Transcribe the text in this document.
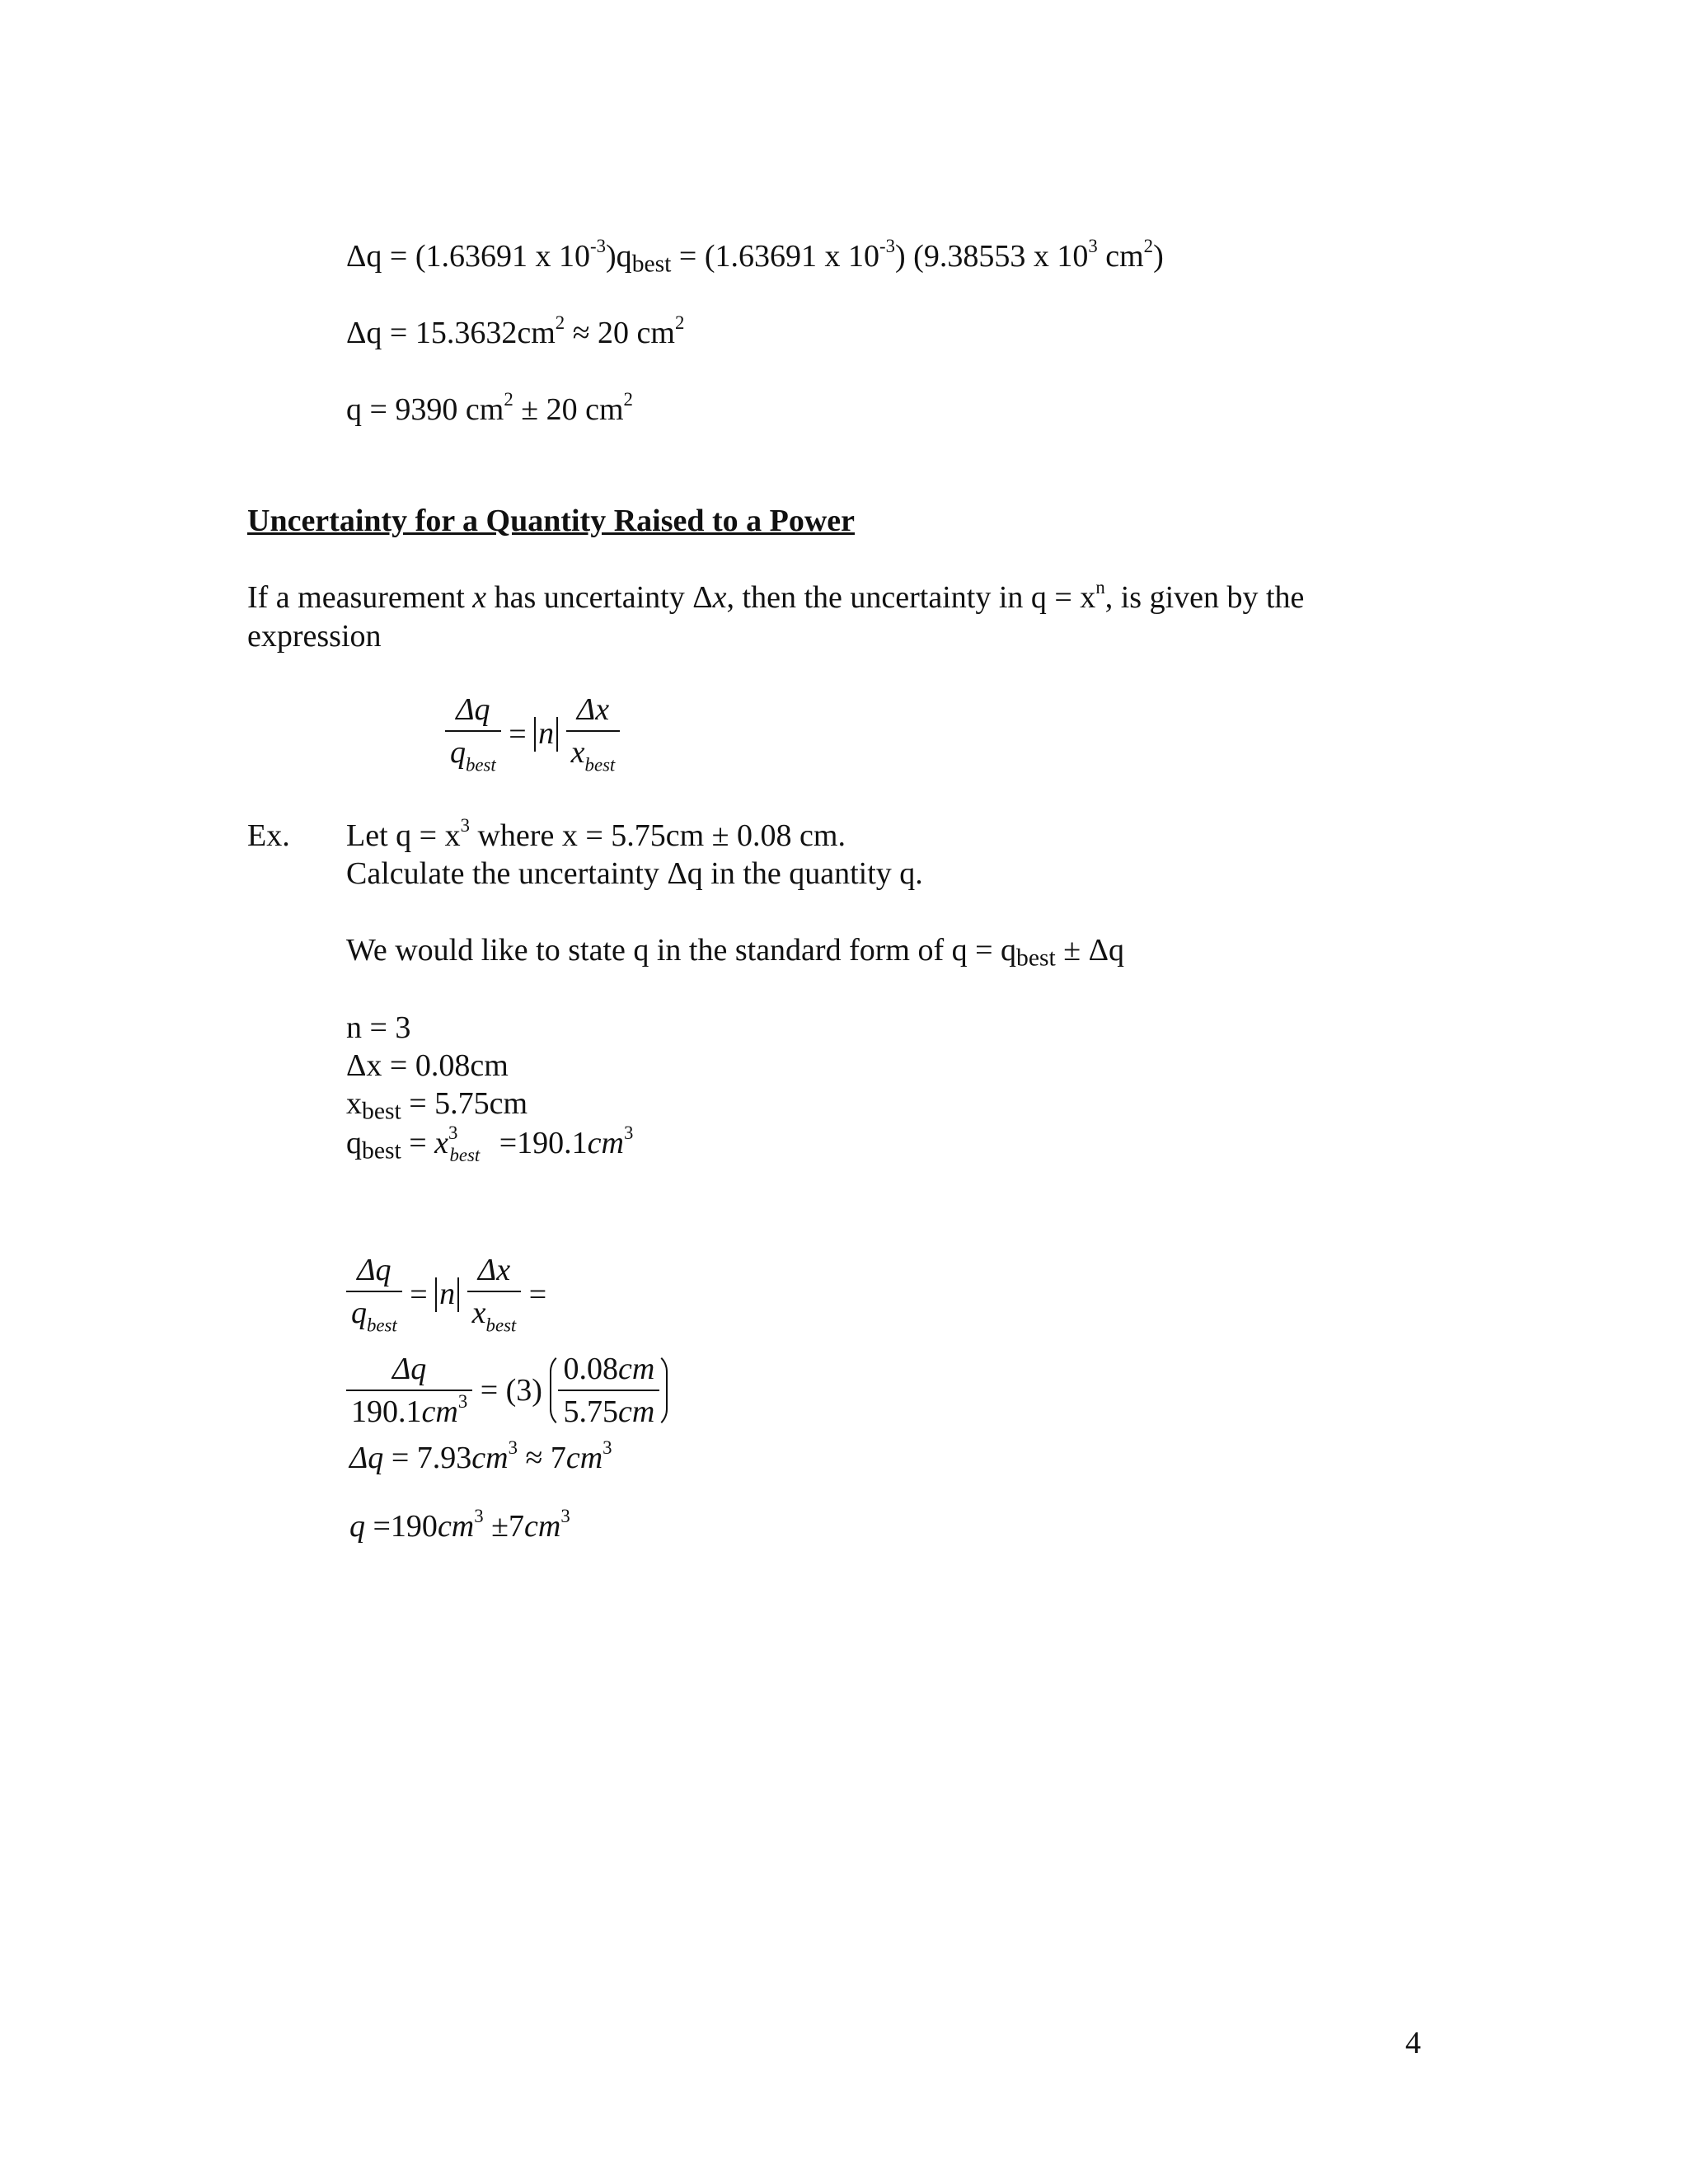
Δq = (1.63691 x $10^{-3})q_{best} = (1.63691$ x $10^{-3}$) (9.38553 x $10^3$ $cm^2$)
$\Delta q = 15.3632cm^2 \approx 20$ $cm^2$
q = 9390 $cm^2 \pm 20$ $cm^2$
Uncertainty for a Quantity Raised to a Power
If a measurement x has uncertainty Δx, then the uncertainty in $q = x^n$, is given by the
expression
$\frac{\Delta q}{q_{best}} = n \frac{\Delta x}{x_{best}}$
Ex. Let $q = x^3$ where x = 5.75cm ± 0.08 cm.
Calculate the uncertainty Δq in the quantity q.
We would like to state q in the standard form of $q = q_{best} \pm \Delta q$
n = 3
Δx = 0.08cm
$x_{best} = 5.75cm$
$q_{best} = x^3_{best} =190.1cm^3$
$\frac{\Delta q}{q_{best}} = n \frac{\Delta x}{x_{best}}$ =
$\frac{\Delta q}{190.1cm^3} = (3) \frac{0.08cm}{5.75cm}$
$\Delta q = 7.93cm^3 \approx 7cm^3$
$q =190cm^3 \pm 7cm^3$
4
